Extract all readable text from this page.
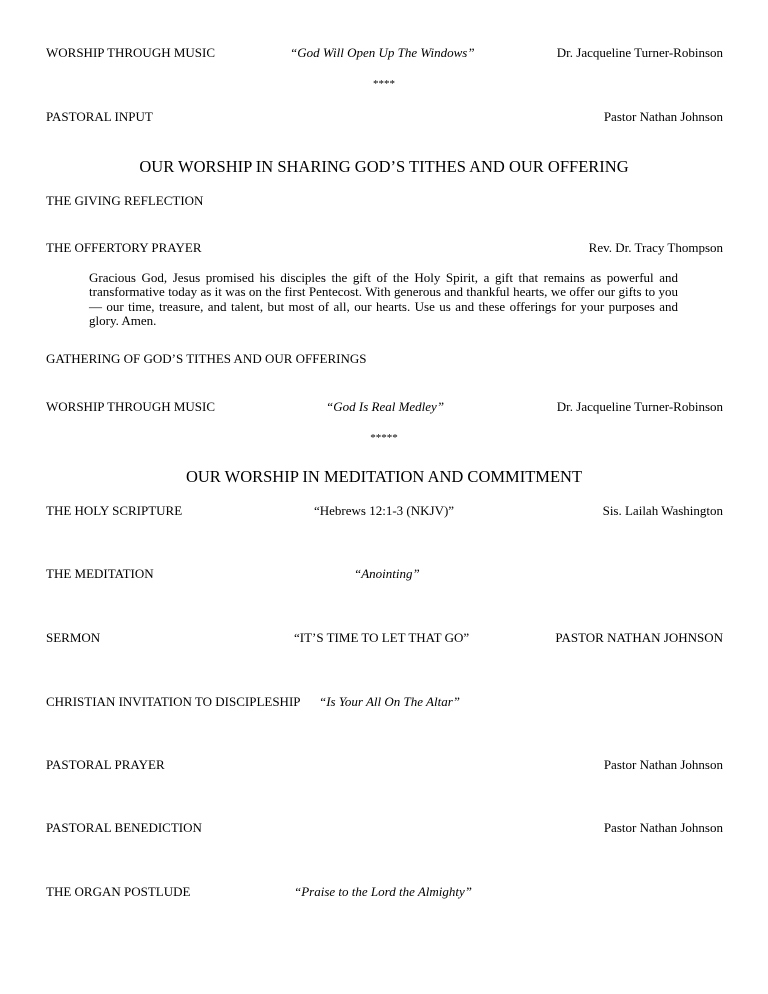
WORSHIP THROUGH MUSIC	“God Will Open Up The Windows”	Dr. Jacqueline Turner-Robinson
****
PASTORAL INPUT	Pastor Nathan Johnson
OUR WORSHIP IN SHARING GOD’S TITHES AND OUR OFFERING
THE GIVING REFLECTION
THE OFFERTORY PRAYER	Rev. Dr. Tracy Thompson
Gracious God, Jesus promised his disciples the gift of the Holy Spirit, a gift that remains as powerful and transformative today as it was on the first Pentecost. With generous and thankful hearts, we offer our gifts to you — our time, treasure, and talent, but most of all, our hearts. Use us and these offerings for your purposes and glory. Amen.
GATHERING OF GOD’S TITHES AND OUR OFFERINGS
WORSHIP THROUGH MUSIC	“God Is Real Medley”	Dr. Jacqueline Turner-Robinson
*****
OUR WORSHIP IN MEDITATION AND COMMITMENT
THE HOLY SCRIPTURE	“Hebrews 12:1-3 (NKJV)”	Sis. Lailah Washington
THE MEDITATION	“Anointing”
SERMON	“IT’S TIME TO LET THAT GO”	PASTOR NATHAN JOHNSON
CHRISTIAN INVITATION TO DISCIPLESHIP “Is Your All On The Altar”
PASTORAL PRAYER	Pastor Nathan Johnson
PASTORAL BENEDICTION	Pastor Nathan Johnson
THE ORGAN POSTLUDE	“Praise to the Lord the Almighty”
